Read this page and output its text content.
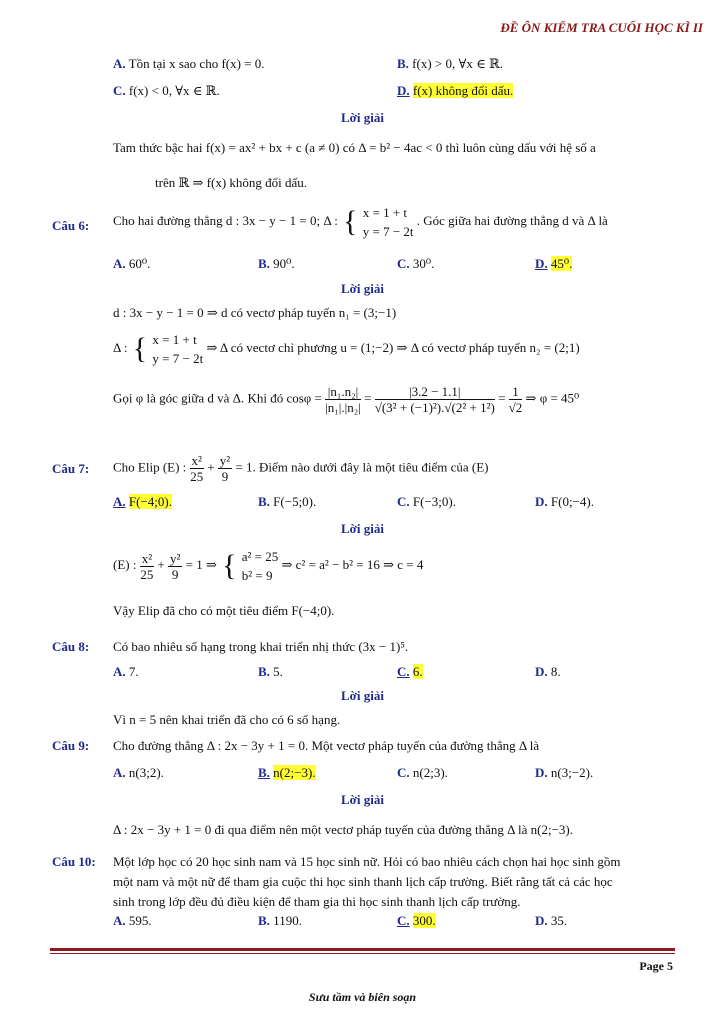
ĐỀ ÔN KIỂM TRA CUỐI HỌC KÌ II
A. Tồn tại x sao cho f(x) = 0.	B. f(x) > 0, ∀x ∈ ℝ.
C. f(x) < 0, ∀x ∈ ℝ.	D. f(x) không đổi dấu.
Lời giải
Tam thức bậc hai f(x) = ax² + bx + c (a ≠ 0) có Δ = b² − 4ac < 0 thì luôn cùng dấu với hệ số a
trên ℝ ⇒ f(x) không đổi dấu.
Câu 6: Cho hai đường thẳng d : 3x − y − 1 = 0; Δ : { x = 1 + t
y = 7 − 2t
. Góc giữa hai đường thẳng d và Δ là
A. 60⁰.	B. 90⁰.	C. 30⁰.	D. 45⁰.
Lời giải
d : 3x − y − 1 = 0 ⇒ d có vectơ pháp tuyến n₁ = (3;−1)
Δ : { x = 1 + t
y = 7 − 2t
⇒ Δ có vectơ chỉ phương u = (1;−2) ⇒ Δ có vectơ pháp tuyến n₂ = (2;1)
Gọi φ là góc giữa d và Δ. Khi đó $\cos\varphi = \frac{\text{|n₁.n₂|}}{\text{|n₁|.|n₂|}} = \frac{|3.2 - 1.1|}{\text{√(3² + (−1)²).√(2² + 1²)}} = \frac{1}{√2}$ ⇒ φ = 45⁰
Câu 7: Cho Elip (E) : $\frac{\text{x²}}{25} + \frac{\text{y²}}{9} = 1$. Điểm nào dưới đây là một tiêu điểm của (E)
A. F(−4;0).	B. F(−5;0).	C. F(−3;0).	D. F(0;−4).
Lời giải
(E) : $\frac{\text{x²}}{25} + \frac{\text{y²}}{9} = 1$ ⇒ { a² = 25
b² = 9
⇒ c² = a² − b² = 16 ⇒ c = 4
Vậy Elip đã cho có một tiêu điểm F(−4;0).
Câu 8: Có bao nhiêu số hạng trong khai triển nhị thức (3x − 1)⁵.
A. 7.	B. 5.	C. 6.	D. 8.
Lời giải
Vì n = 5 nên khai triển đã cho có 6 số hạng.
Câu 9: Cho đường thẳng Δ : 2x − 3y + 1 = 0. Một vectơ pháp tuyến của đường thẳng Δ là
A. n(3;2).	B. n(2;−3).	C. n(2;3).	D. n(3;−2).
Lời giải
Δ : 2x − 3y + 1 = 0 đi qua điểm nên một vectơ pháp tuyến của đường thẳng Δ là n(2;−3).
Câu 10: Một lớp học có 20 học sinh nam và 15 học sinh nữ. Hỏi có bao nhiêu cách chọn hai học sinh gồm
một nam và một nữ để tham gia cuộc thi học sinh thanh lịch cấp trường. Biết rằng tất cả các học
sinh trong lớp đều đủ điều kiện để tham gia thi học sinh thanh lịch cấp trường.
A. 595.	B. 1190.	C. 300.	D. 35.
Page 5
Sưu tầm và biên soạn
